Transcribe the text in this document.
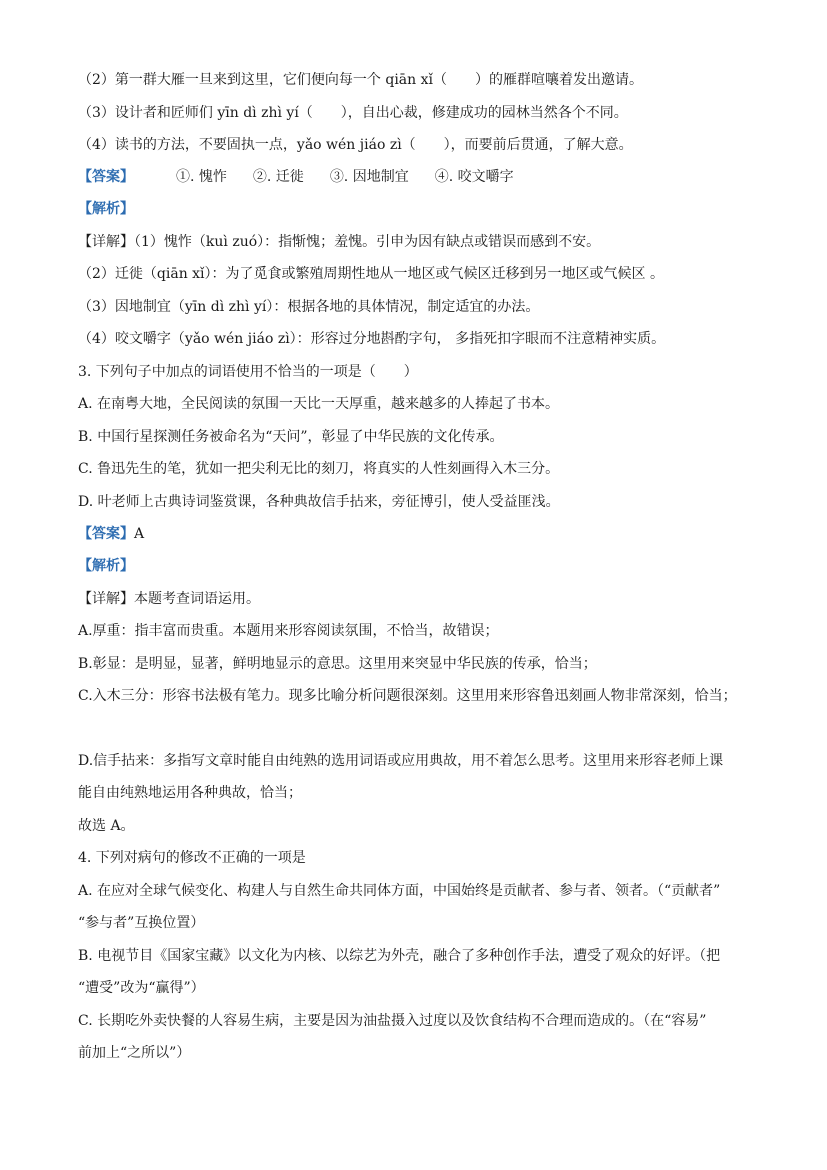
（2）第一群大雁一旦来到这里，它们便向每一个 qiān xǐ（　　）的雁群喧嚷着发出邀请。
（3）设计者和匠师们 yīn dì zhì yí（　　），自出心裁，修建成功的园林当然各个不同。
（4）读书的方法，不要固执一点，yǎo wén jiáo zì（　　），而要前后贯通，了解大意。
【答案】	①. 愧怍 ②. 迁徙 ③. 因地制宜 ④. 咬文嚼字
【解析】
【详解】（1）愧怍（kuì zuó）：指惭愧；羞愧。引申为因有缺点或错误而感到不安。
（2）迁徙（qiān xǐ）：为了觅食或繁殖周期性地从一地区或气候区迁移到另一地区或气候区 。
（3）因地制宜（yīn dì zhì yí）：根据各地的具体情况，制定适宜的办法。
（4）咬文嚼字（yǎo wén jiáo zì）：形容过分地斟酌字句， 多指死扣字眼而不注意精神实质。
3. 下列句子中加点的词语使用不恰当的一项是（　　）
A. 在南粤大地，全民阅读的氛围一天比一天厚重，越来越多的人捧起了书本。
B. 中国行星探测任务被命名为“天问”，彰显了中华民族的文化传承。
C. 鲁迅先生的笔，犹如一把尖利无比的刻刀，将真实的人性刻画得入木三分。
D. 叶老师上古典诗词鉴赏课，各种典故信手拈来，旁征博引，使人受益匪浅。
【答案】A
【解析】
【详解】本题考查词语运用。
A.厚重：指丰富而贵重。本题用来形容阅读氛围，不恰当，故错误；
B.彰显：是明显，显著，鲜明地显示的意思。这里用来突显中华民族的传承，恰当；
C.入木三分：形容书法极有笔力。现多比喻分析问题很深刻。这里用来形容鲁迅刻画人物非常深刻，恰当；
D.信手拈来：多指写文章时能自由纯熟的选用词语或应用典故，用不着怎么思考。这里用来形容老师上课
能自由纯熟地运用各种典故，恰当；
故选 A。
4. 下列对病句的修改不正确的一项是
A. 在应对全球气候变化、构建人与自然生命共同体方面，中国始终是贡献者、参与者、领者。（“贡献者”
“参与者”互换位置）
B. 电视节目《国家宝藏》以文化为内核、以综艺为外壳，融合了多种创作手法，遭受了观众的好评。（把
“遭受”改为“赢得”）
C. 长期吃外卖快餐的人容易生病，主要是因为油盐摄入过度以及饮食结构不合理而造成的。（在“容易”
前加上“之所以”）
